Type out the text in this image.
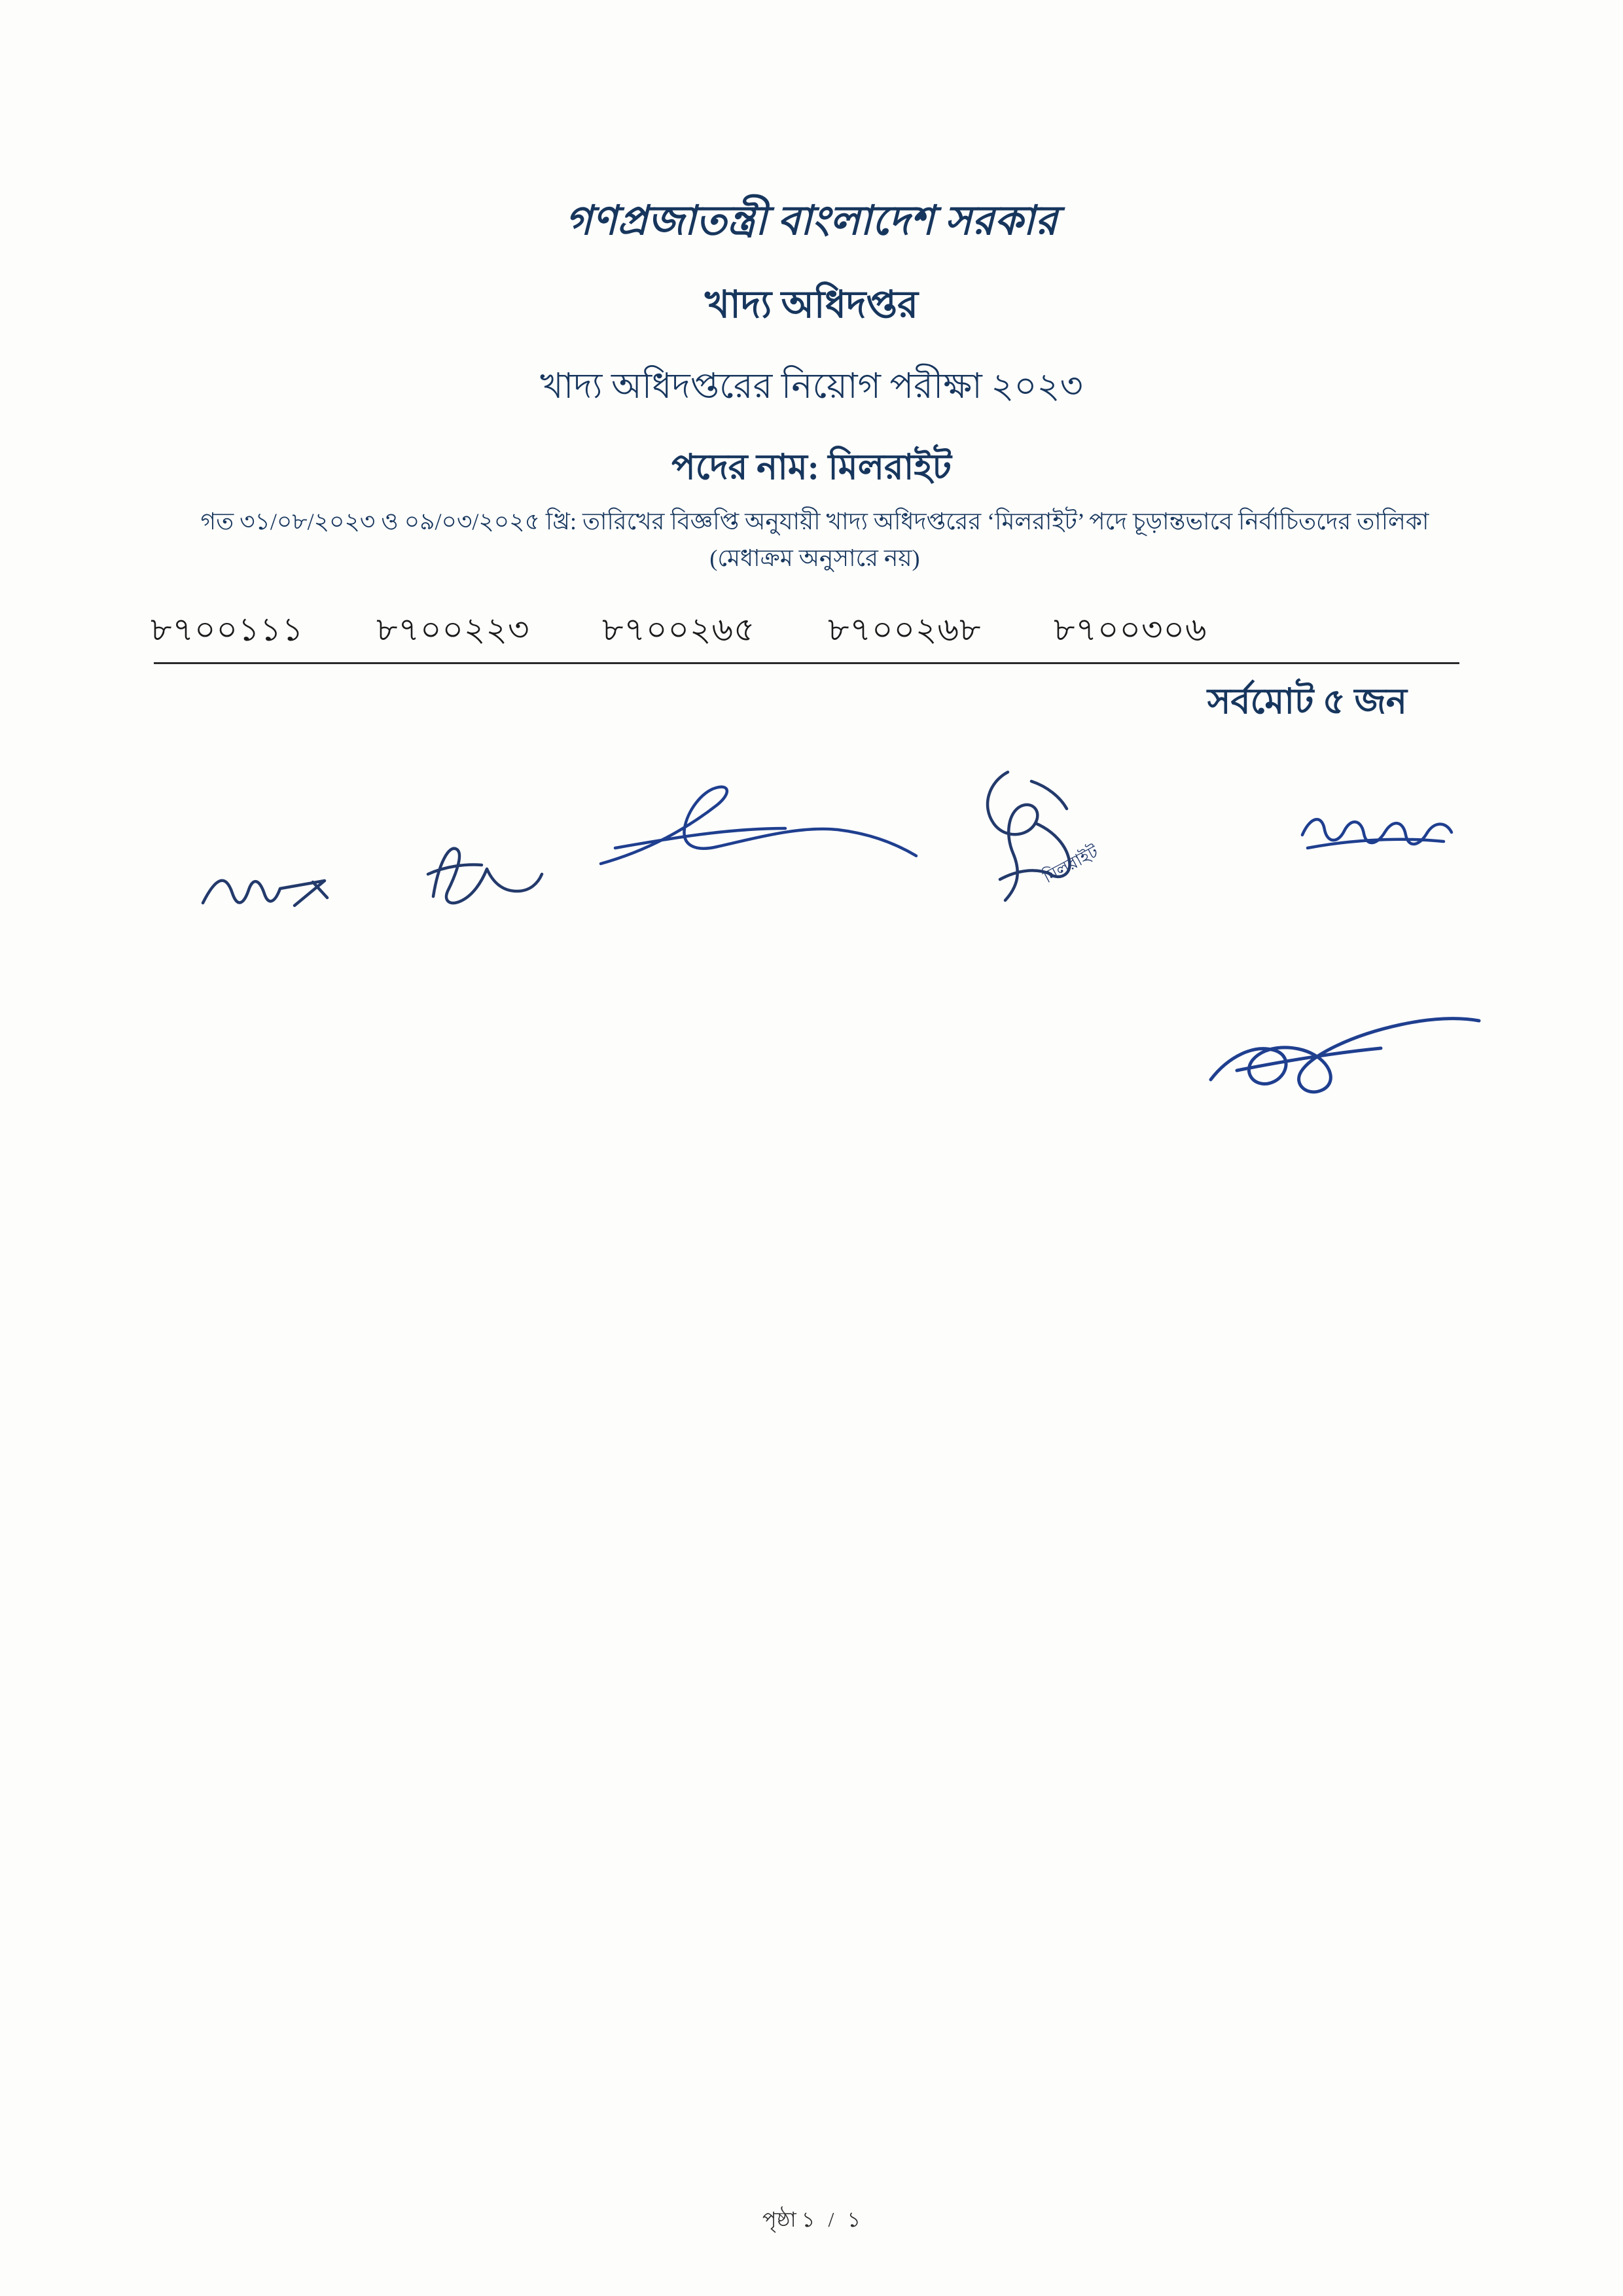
গণপ্রজাতন্ত্রী বাংলাদেশ সরকার
খাদ্য অধিদপ্তর
খাদ্য অধিদপ্তরের নিয়োগ পরীক্ষা ২০২৩
পদের নাম: মিলরাইট
গত ৩১/০৮/২০২৩ ও ০৯/০৩/২০২৫ খ্রি: তারিখের বিজ্ঞপ্তি অনুযায়ী খাদ্য অধিদপ্তরের ‘মিলরাইট’ পদে চূড়ান্তভাবে নির্বাচিতদের তালিকা (মেধাক্রম অনুসারে নয়)
৮৭০০১১১	৮৭০০২২৩	৮৭০০২৬৫	৮৭০০২৬৮	৮৭০০৩০৬
সর্বমোট ৫ জন
মিলরাইট
পৃষ্ঠা ১ / ১
